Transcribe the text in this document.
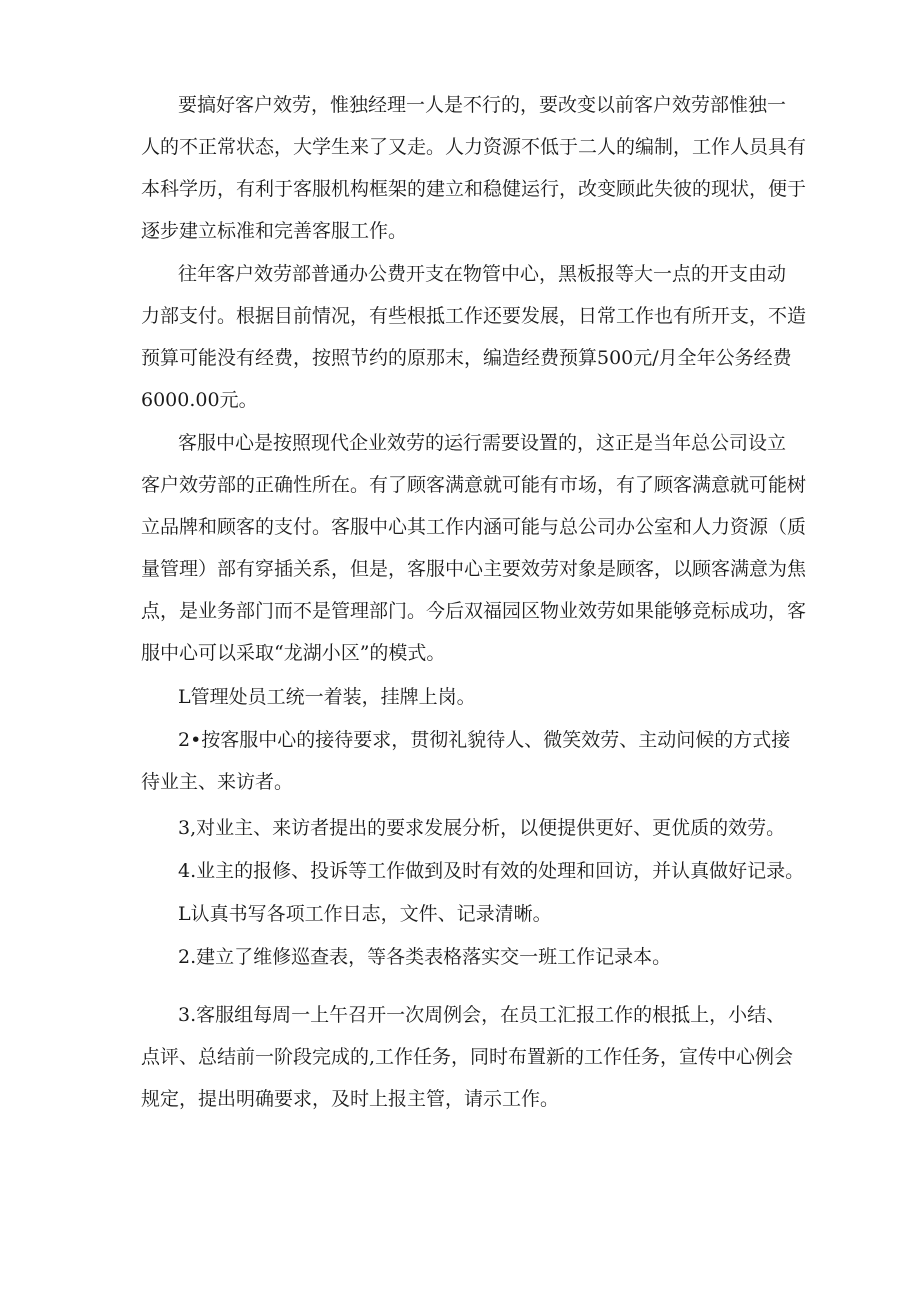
要搞好客户效劳，惟独经理一人是不行的，要改变以前客户效劳部惟独一
人的不正常状态，大学生来了又走。人力资源不低于二人的编制，工作人员具有
本科学历，有利于客服机构框架的建立和稳健运行，改变顾此失彼的现状，便于
逐步建立标准和完善客服工作。
往年客户效劳部普通办公费开支在物管中心，黑板报等大一点的开支由动
力部支付。根据目前情况，有些根抵工作还要发展，日常工作也有所开支，不造
预算可能没有经费，按照节约的原那末，编造经费预算500元/月全年公务经费
6000.00元。
客服中心是按照现代企业效劳的运行需要设置的，这正是当年总公司设立
客户效劳部的正确性所在。有了顾客满意就可能有市场，有了顾客满意就可能树
立品牌和顾客的支付。客服中心其工作内涵可能与总公司办公室和人力资源（质
量管理）部有穿插关系，但是，客服中心主要效劳对象是顾客，以顾客满意为焦
点，是业务部门而不是管理部门。今后双福园区物业效劳如果能够竞标成功，客
服中心可以采取“龙湖小区”的模式。
L管理处员工统一着装，挂牌上岗。
2•按客服中心的接待要求，贯彻礼貌待人、微笑效劳、主动问候的方式接
待业主、来访者。
3,对业主、来访者提出的要求发展分析，以便提供更好、更优质的效劳。
4.业主的报修、投诉等工作做到及时有效的处理和回访，并认真做好记录。
L认真书写各项工作日志，文件、记录清晰。
2.建立了维修巡查表，等各类表格落实交一班工作记录本。
3.客服组每周一上午召开一次周例会，在员工汇报工作的根抵上，小结、
点评、总结前一阶段完成的,工作任务，同时布置新的工作任务，宣传中心例会
规定，提出明确要求，及时上报主管，请示工作。
